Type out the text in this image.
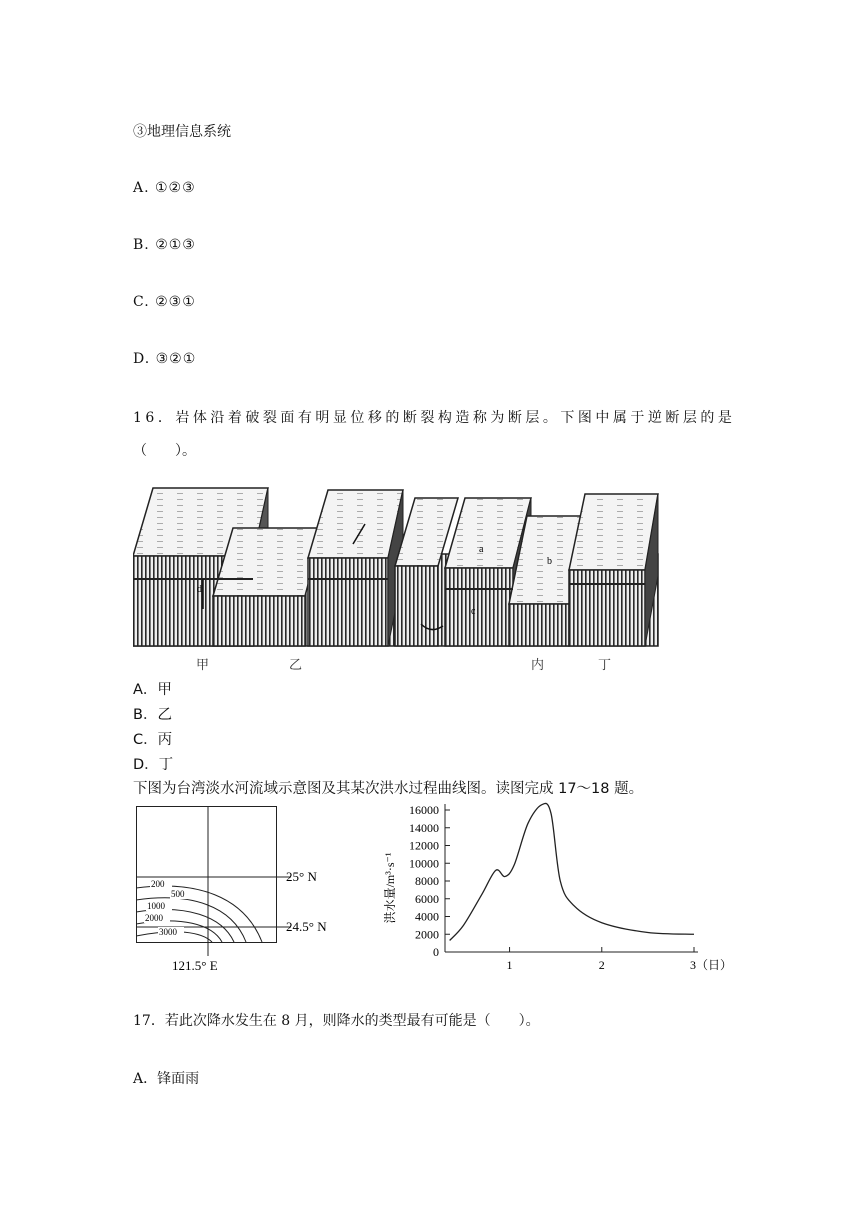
③地理信息系统
A. ①②③
B. ②①③
C. ②③①
D. ③②①
16．岩体沿着破裂面有明显位移的断裂构造称为断层。下图中属于逆断层的是
（　　）。
d
a
b
c
甲	乙	内	丁
A．甲
B．乙
C．丙
D．丁
下图为台湾淡水河流域示意图及其某次洪水过程曲线图。读图完成 17～18 题。
200
500
1000
2000
3000
25° N
24.5° N
121.5° E
0
2000
4000
6000
8000
10000
12000
14000
16000
1	2	3（日）
洪水量/m³·s⁻¹
17．若此次降水发生在 8 月，则降水的类型最有可能是（　　）。
A．锋面雨
